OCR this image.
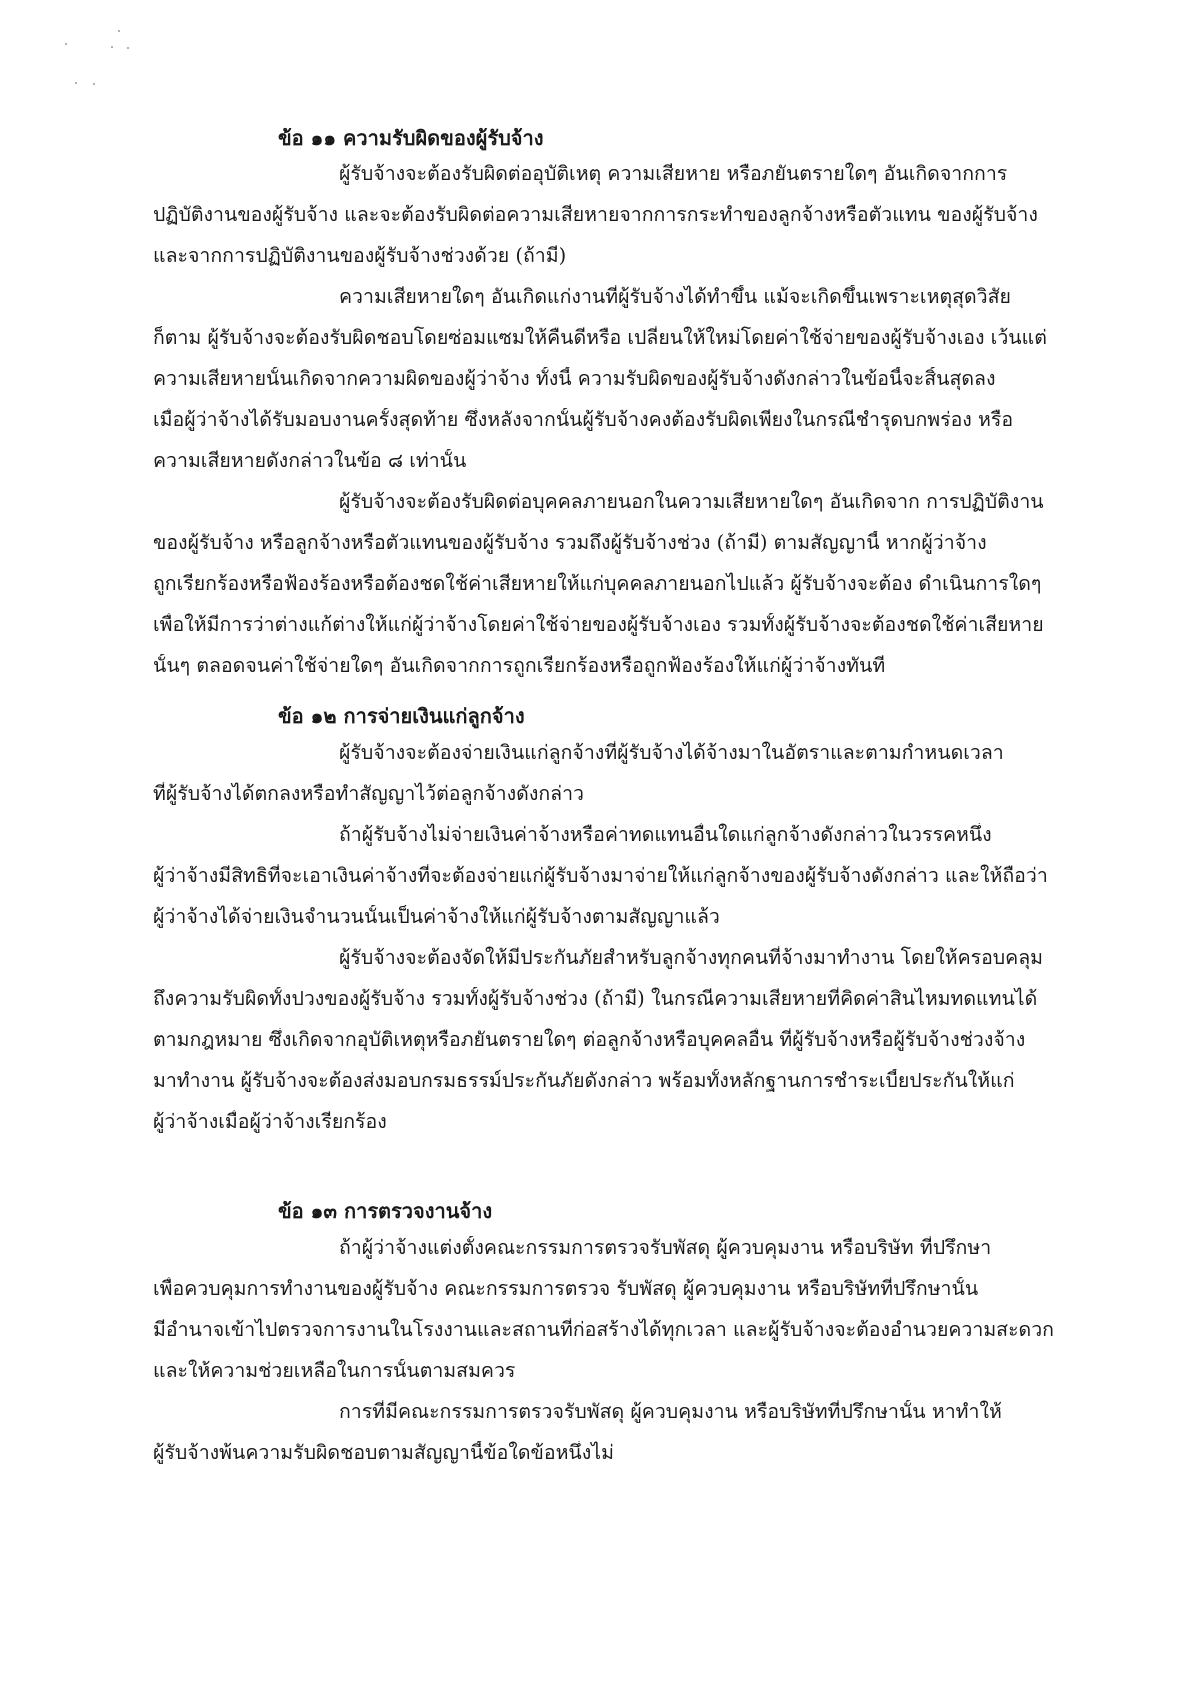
ข้อ ๑๑ ความรับผิดของผู้รับจ้าง
ผู้รับจ้างจะต้องรับผิดต่ออุบัติเหตุ ความเสียหาย หรือภยันตรายใดๆ อันเกิดจากการ
ปฏิบัติงานของผู้รับจ้าง และจะต้องรับผิดต่อความเสียหายจากการกระทำของลูกจ้างหรือตัวแทน ของผู้รับจ้าง
และจากการปฏิบัติงานของผู้รับจ้างช่วงด้วย (ถ้ามี)
ความเสียหายใดๆ อันเกิดแก่งานที่ผู้รับจ้างได้ทำขึ้น แม้จะเกิดขึ้นเพราะเหตุสุดวิสัย
ก็ตาม ผู้รับจ้างจะต้องรับผิดชอบโดยซ่อมแซมให้คืนดีหรือ เปลี่ยนให้ใหม่โดยค่าใช้จ่ายของผู้รับจ้างเอง เว้นแต่
ความเสียหายนั้นเกิดจากความผิดของผู้ว่าจ้าง ทั้งนี้ ความรับผิดของผู้รับจ้างดังกล่าวในข้อนี้จะสิ้นสุดลง
เมื่อผู้ว่าจ้างได้รับมอบงานครั้งสุดท้าย ซึ่งหลังจากนั้นผู้รับจ้างคงต้องรับผิดเพียงในกรณีชำรุดบกพร่อง หรือ
ความเสียหายดังกล่าวในข้อ ๘ เท่านั้น
ผู้รับจ้างจะต้องรับผิดต่อบุคคลภายนอกในความเสียหายใดๆ อันเกิดจาก การปฏิบัติงาน
ของผู้รับจ้าง หรือลูกจ้างหรือตัวแทนของผู้รับจ้าง รวมถึงผู้รับจ้างช่วง (ถ้ามี) ตามสัญญานี้ หากผู้ว่าจ้าง
ถูกเรียกร้องหรือฟ้องร้องหรือต้องชดใช้ค่าเสียหายให้แก่บุคคลภายนอกไปแล้ว ผู้รับจ้างจะต้อง ดำเนินการใดๆ
เพื่อให้มีการว่าต่างแก้ต่างให้แก่ผู้ว่าจ้างโดยค่าใช้จ่ายของผู้รับจ้างเอง รวมทั้งผู้รับจ้างจะต้องชดใช้ค่าเสียหาย
นั้นๆ ตลอดจนค่าใช้จ่ายใดๆ อันเกิดจากการถูกเรียกร้องหรือถูกฟ้องร้องให้แก่ผู้ว่าจ้างทันที
ข้อ ๑๒ การจ่ายเงินแก่ลูกจ้าง
ผู้รับจ้างจะต้องจ่ายเงินแก่ลูกจ้างที่ผู้รับจ้างได้จ้างมาในอัตราและตามกำหนดเวลา
ที่ผู้รับจ้างได้ตกลงหรือทำสัญญาไว้ต่อลูกจ้างดังกล่าว
ถ้าผู้รับจ้างไม่จ่ายเงินค่าจ้างหรือค่าทดแทนอื่นใดแก่ลูกจ้างดังกล่าวในวรรคหนึ่ง
ผู้ว่าจ้างมีสิทธิที่จะเอาเงินค่าจ้างที่จะต้องจ่ายแก่ผู้รับจ้างมาจ่ายให้แก่ลูกจ้างของผู้รับจ้างดังกล่าว และให้ถือว่า
ผู้ว่าจ้างได้จ่ายเงินจำนวนนั้นเป็นค่าจ้างให้แก่ผู้รับจ้างตามสัญญาแล้ว
ผู้รับจ้างจะต้องจัดให้มีประกันภัยสำหรับลูกจ้างทุกคนที่จ้างมาทำงาน โดยให้ครอบคลุม
ถึงความรับผิดทั้งปวงของผู้รับจ้าง รวมทั้งผู้รับจ้างช่วง (ถ้ามี) ในกรณีความเสียหายที่คิดค่าสินไหมทดแทนได้
ตามกฎหมาย ซึ่งเกิดจากอุบัติเหตุหรือภยันตรายใดๆ ต่อลูกจ้างหรือบุคคลอื่น ที่ผู้รับจ้างหรือผู้รับจ้างช่วงจ้าง
มาทำงาน ผู้รับจ้างจะต้องส่งมอบกรมธรรม์ประกันภัยดังกล่าว พร้อมทั้งหลักฐานการชำระเบี้ยประกันให้แก่
ผู้ว่าจ้างเมื่อผู้ว่าจ้างเรียกร้อง
ข้อ ๑๓ การตรวจงานจ้าง
ถ้าผู้ว่าจ้างแต่งตั้งคณะกรรมการตรวจรับพัสดุ ผู้ควบคุมงาน หรือบริษัท ที่ปรึกษา
เพื่อควบคุมการทำงานของผู้รับจ้าง คณะกรรมการตรวจ รับพัสดุ ผู้ควบคุมงาน หรือบริษัทที่ปรึกษานั้น
มีอำนาจเข้าไปตรวจการงานในโรงงานและสถานที่ก่อสร้างได้ทุกเวลา และผู้รับจ้างจะต้องอำนวยความสะดวก
และให้ความช่วยเหลือในการนั้นตามสมควร
การที่มีคณะกรรมการตรวจรับพัสดุ ผู้ควบคุมงาน หรือบริษัทที่ปรึกษานั้น หาทำให้
ผู้รับจ้างพ้นความรับผิดชอบตามสัญญานี้ข้อใดข้อหนึ่งไม่
